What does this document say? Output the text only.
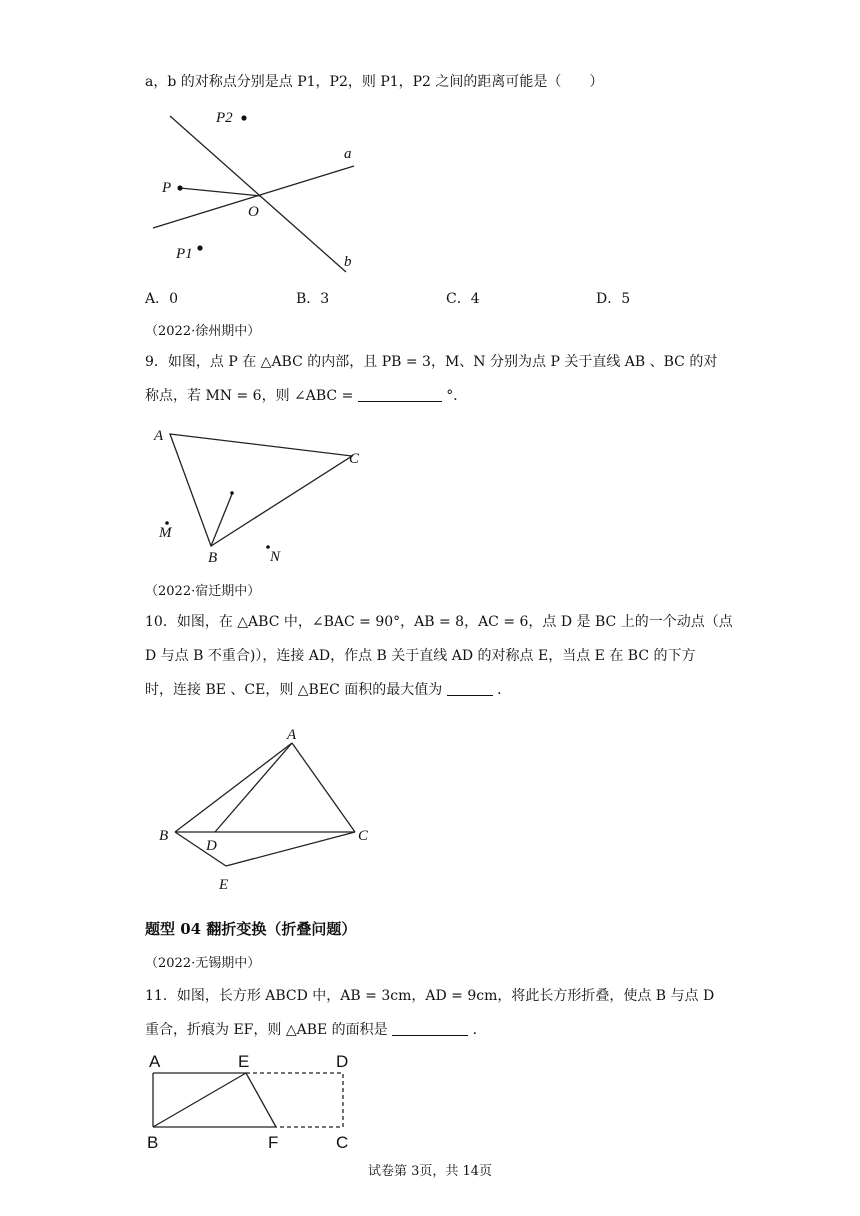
a，b 的对称点分别是点 P1，P2，则 P1，P2 之间的距离可能是（　　）
P2
P
O
a
P1	b
A．0	B．3	C．4	D．5
（2022·徐州期中）
9．如图，点 P 在 △ABC 的内部，且 PB = 3，M、N 分别为点 P 关于直线 AB 、BC 的对
称点，若 MN = 6，则 ∠ABC =	°．
A
C
M
B	N
（2022·宿迁期中）
10．如图，在 △ABC 中，∠BAC = 90°，AB = 8，AC = 6，点 D 是 BC 上的一个动点（点
D 与点 B 不重合)），连接 AD，作点 B 关于直线 AD 的对称点 E，当点 E 在 BC 的下方
时，连接 BE 、CE，则 △BEC 面积的最大值为	．
A
B
D
C
E
题型 04 翻折变换（折叠问题）
（2022·无锡期中）
11．如图，长方形 ABCD 中，AB = 3cm，AD = 9cm，将此长方形折叠，使点 B 与点 D
重合，折痕为 EF，则 △ABE 的面积是	．
A	E	D
B	F	C
试卷第 3页，共 14页
